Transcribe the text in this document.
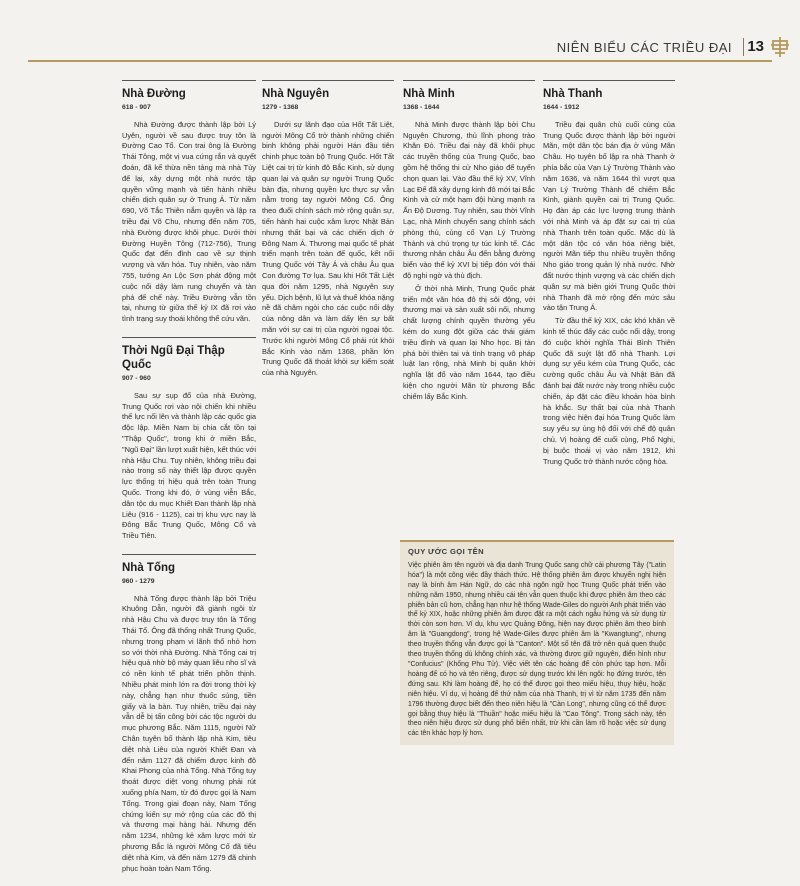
NIÊN BIỂU CÁC TRIỀU ĐẠI 13
Nhà Đường
618 - 907

Nhà Đường được thành lập bởi Lý Uyên, người về sau được truy tôn là Đường Cao Tổ. Con trai ông là Đường Thái Tông, một vị vua cứng rắn và quyết đoán, đã kế thừa nền tảng mà nhà Tùy để lại, xây dựng một nhà nước tập quyền vững mạnh và tiến hành nhiều chiến dịch quân sự ở Trung Á. Từ năm 690, Võ Tắc Thiên nắm quyền và lập ra triều đại Võ Chu, nhưng đến năm 705, nhà Đường được khôi phục. Dưới thời Đường Huyền Tông (712-756), Trung Quốc đạt đến đỉnh cao về sự thịnh vượng và văn hóa. Tuy nhiên, vào năm 755, tướng An Lộc Sơn phát động một cuộc nổi dậy làm rung chuyển và tàn phá đế chế này. Triều Đường vẫn tồn tại, nhưng từ giữa thế kỷ IX đã rơi vào tình trạng suy thoái không thể cứu vãn.

Thời Ngũ Đại Thập Quốc
907 - 960

Sau sự sụp đổ của nhà Đường, Trung Quốc rơi vào nội chiến khi nhiều thế lực nổi lên và thành lập các quốc gia độc lập. Miền Nam bị chia cắt tồn tại "Thập Quốc", trong khi ở miền Bắc, "Ngũ Đại" lần lượt xuất hiện, kết thúc với nhà Hậu Chu. Tuy nhiên, không triều đại nào trong số này thiết lập được quyền lực thống trị hiệu quả trên toàn Trung Quốc. Trong khi đó, ở vùng viễn Bắc, dân tộc du mục Khiết Đan thành lập nhà Liêu (916 - 1125), cai trị khu vực nay là Đông Bắc Trung Quốc, Mông Cổ và Triều Tiên.

Nhà Tống
960 - 1279

Nhà Tống được thành lập bởi Triệu Khuông Dẫn, người đã giành ngôi từ nhà Hậu Chu và được truy tôn là Tống Thái Tổ. Ông đã thống nhất Trung Quốc, nhưng trong phạm vi lãnh thổ nhỏ hơn so với thời nhà Đường. Nhà Tống cai trị hiệu quả nhờ bộ máy quan liêu nho sĩ và có nền kinh tế phát triển phồn thịnh. Nhiều phát minh lớn ra đời trong thời kỳ này, chẳng hạn như thuốc súng, tiền giấy và la bàn. Tuy nhiên, triều đại này vẫn dễ bị tấn công bởi các tộc người du mục phương Bắc. Năm 1115, người Nữ Chân tuyên bố thành lập nhà Kim, tiêu diệt nhà Liêu của người Khiết Đan và đến năm 1127 đã chiếm được kinh đô Khai Phong của nhà Tống. Nhà Tống tuy thoát được diệt vong nhưng phải rút xuống phía Nam, từ đó được gọi là Nam Tống. Trong giai đoạn này, Nam Tống chứng kiến sự mở rộng của các đô thị và thương mại hàng hải. Nhưng đến năm 1234, những kẻ xâm lược mới từ phương Bắc là người Mông Cổ đã tiêu diệt nhà Kim, và đến năm 1279 đã chinh phục hoàn toàn Nam Tống.

Nhà Nguyên
1279 - 1368

Dưới sự lãnh đạo của Hốt Tất Liệt, người Mông Cổ trở thành những chiến binh không phải người Hán đầu tiên chinh phục toàn bộ Trung Quốc. Hốt Tất Liệt cai trị từ kinh đô Bắc Kinh, sử dụng quan lại và quân sự người Trung Quốc bản địa, nhưng quyền lực thực sự vẫn nằm trong tay người Mông Cổ. Ông theo đuổi chính sách mở rộng quân sự, tiến hành hai cuộc xâm lược Nhật Bản nhưng thất bại và các chiến dịch ở Đông Nam Á. Thương mại quốc tế phát triển mạnh trên toàn đế quốc, kết nối Trung Quốc với Tây Á và châu Âu qua Con đường Tơ lụa. Sau khi Hốt Tất Liệt qua đời năm 1295, nhà Nguyên suy yếu. Dịch bệnh, lũ lụt và thuế khóa nặng nề đã châm ngòi cho các cuộc nổi dậy của nông dân và làm dấy lên sự bất mãn với sự cai trị của người ngoại tộc. Trước khi người Mông Cổ phải rút khỏi Bắc Kinh vào năm 1368, phần lớn Trung Quốc đã thoát khỏi sự kiểm soát của nhà Nguyên.

Nhà Minh
1368 - 1644

Nhà Minh được thành lập bởi Chu Nguyên Chương, thủ lĩnh phong trào Khăn Đỏ. Triều đại này đã khôi phục các truyền thống của Trung Quốc, bao gồm hệ thống thi cử Nho giáo để tuyển chọn quan lại. Vào đầu thế kỷ XV, Vĩnh Lạc Đế đã xây dựng kinh đô mới tại Bắc Kinh và cử một hạm đội hùng mạnh ra Ấn Độ Dương. Tuy nhiên, sau thời Vĩnh Lạc, nhà Minh chuyển sang chính sách phòng thủ, củng cố Vạn Lý Trường Thành và chú trọng tự túc kinh tế. Các thương nhân châu Âu đến bằng đường biển vào thế kỷ XVI bị tiếp đón với thái độ nghi ngờ và thù địch.

Ở thời nhà Minh, Trung Quốc phát triển một văn hóa đô thị sôi động, với thương mại và sản xuất sôi nổi, nhưng chất lượng chính quyền thường yếu kém do xung đột giữa các thái giám triều đình và quan lại Nho học. Bị tàn phá bởi thiên tai và tình trạng vô pháp luật lan rộng, nhà Minh bị quân khởi nghĩa lật đổ vào năm 1644, tạo điều kiện cho người Mãn từ phương Bắc chiếm lấy Bắc Kinh.

Nhà Thanh
1644 - 1912

Triều đại quân chủ cuối cùng của Trung Quốc được thành lập bởi người Mãn, một dân tộc bán địa ở vùng Mãn Châu. Họ tuyên bố lập ra nhà Thanh ở phía bắc của Vạn Lý Trường Thành vào năm 1636, và năm 1644 thì vượt qua Vạn Lý Trường Thành để chiếm Bắc Kinh, giành quyền cai trị Trung Quốc. Họ đàn áp các lực lượng trung thành với nhà Minh và áp đặt sự cai trị của nhà Thanh trên toàn quốc. Mặc dù là một dân tộc có văn hóa riêng biệt, người Mãn tiếp thu nhiều truyền thống Nho giáo trong quản lý nhà nước. Nhờ đất nước thịnh vượng và các chiến dịch quân sự mà biên giới Trung Quốc thời nhà Thanh đã mở rộng đến mức sâu vào tận Trung Á.

Từ đầu thế kỷ XIX, các khó khăn về kinh tế thúc đẩy các cuộc nổi dậy, trong đó cuộc khởi nghĩa Thái Bình Thiên Quốc đã suýt lật đổ nhà Thanh. Lợi dụng sự yếu kém của Trung Quốc, các cường quốc châu Âu và Nhật Bản đã đánh bại đất nước này trong nhiều cuộc chiến, áp đặt các điều khoản hòa bình hà khắc. Sự thất bại của nhà Thanh trong việc hiện đại hóa Trung Quốc làm suy yếu sự ủng hộ đối với chế độ quân chủ. Vị hoàng đế cuối cùng, Phổ Nghi, bị buộc thoái vị vào năm 1912, khi Trung Quốc trở thành nước cộng hòa.

QUY ƯỚC GỌI TÊN

Việc phiên âm tên người và địa danh Trung Quốc sang chữ cái phương Tây ("Latin hóa") là một công việc đầy thách thức. Hệ thống phiên âm được khuyến nghị hiện nay là bính âm Hán Ngữ, do các nhà ngôn ngữ học Trung Quốc phát triển vào những năm 1950, nhưng nhiều cái tên vẫn quen thuộc khi được phiên âm theo các phiên bản cũ hơn, chẳng hạn như hệ thống Wade-Giles do người Anh phát triển vào thế kỷ XIX, hoặc những phiên âm được đặt ra một cách ngẫu hứng và sử dụng từ thời còn sơn hơn. Ví dụ, khu vực Quảng Đông, hiện nay được phiên âm theo bính âm là "Guangdong", trong hệ Wade-Giles được phiên âm là "Kwangtung", nhưng theo truyền thống vẫn được gọi là "Canton". Một số tên đã trở nên quá quen thuộc theo truyền thống dù không chính xác, và thường được giữ nguyên, điển hình như "Confucius" (Khổng Phu Tử). Việc viết tên các hoàng đế còn phức tạp hơn. Mỗi hoàng đế có họ và tên riêng, được sử dụng trước khi lên ngôi: họ đứng trước, tên đứng sau. Khi làm hoàng đế, họ có thể được gọi theo miếu hiệu, thụy hiệu, hoặc niên hiệu. Ví dụ, vị hoàng đế thứ năm của nhà Thanh, trị vì từ năm 1735 đến năm 1796 thường được biết đến theo niên hiệu là "Càn Long", nhưng cũng có thể được gọi bằng thụy hiệu là "Thuần" hoặc miếu hiệu là "Cao Tông". Trong sách này, tên theo niên hiệu được sử dụng phổ biến nhất, trừ khi cần làm rõ hoặc việc sử dụng các tên khác hợp lý hơn.
